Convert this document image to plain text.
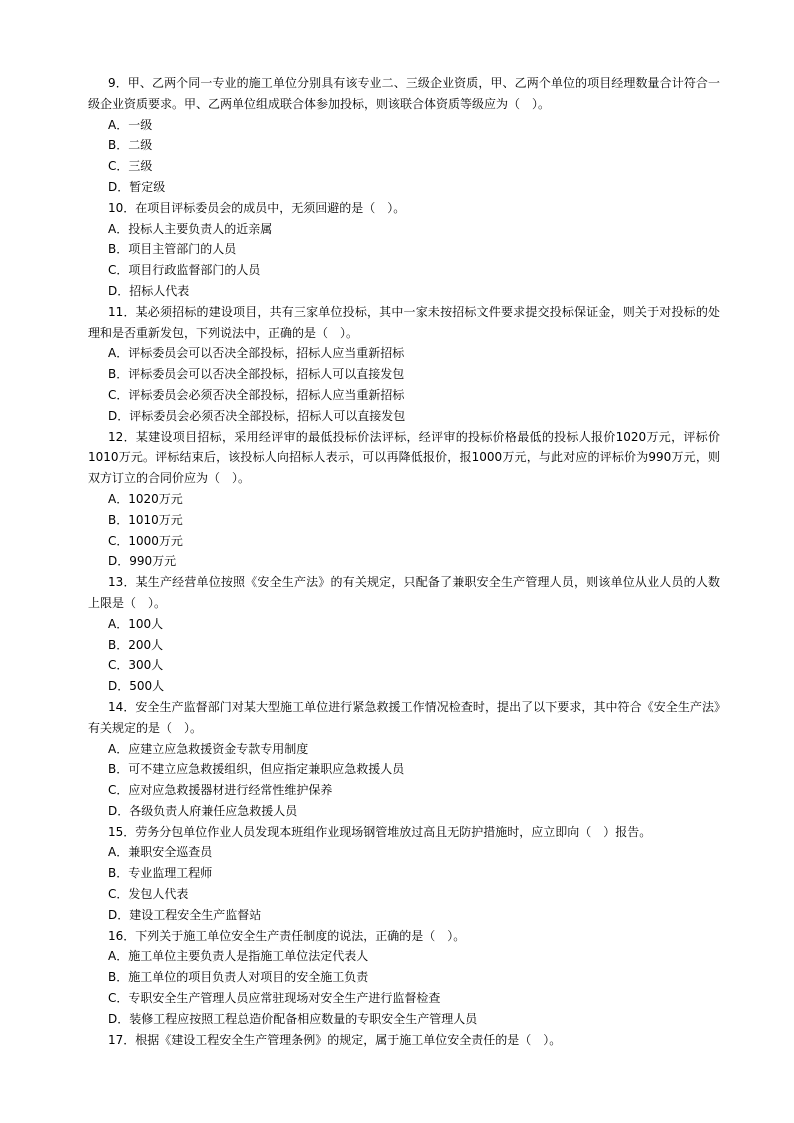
9．甲、乙两个同一专业的施工单位分别具有该专业二、三级企业资质，甲、乙两个单位的项目经理数量合计符合一级企业资质要求。甲、乙两单位组成联合体参加投标，则该联合体资质等级应为（　）。

A．一级

B．二级

C．三级

D．暂定级

10．在项目评标委员会的成员中，无须回避的是（　）。

A．投标人主要负责人的近亲属

B．项目主管部门的人员

C．项目行政监督部门的人员

D．招标人代表

11．某必须招标的建设项目，共有三家单位投标，其中一家未按招标文件要求提交投标保证金，则关于对投标的处理和是否重新发包，下列说法中，正确的是（　）。

A．评标委员会可以否决全部投标，招标人应当重新招标

B．评标委员会可以否决全部投标，招标人可以直接发包

C．评标委员会必须否决全部投标，招标人应当重新招标

D．评标委员会必须否决全部投标，招标人可以直接发包

12．某建设项目招标，采用经评审的最低投标价法评标，经评审的投标价格最低的投标人报价1020万元，评标价1010万元。评标结束后，该投标人向招标人表示，可以再降低报价，报1000万元，与此对应的评标价为990万元，则双方订立的合同价应为（　）。

A．1020万元

B．1010万元

C．1000万元

D．990万元

13．某生产经营单位按照《安全生产法》的有关规定，只配备了兼职安全生产管理人员，则该单位从业人员的人数上限是（　）。

A．100人

B．200人

C．300人

D．500人

14．安全生产监督部门对某大型施工单位进行紧急救援工作情况检查时，提出了以下要求，其中符合《安全生产法》有关规定的是（　）。

A．应建立应急救援资金专款专用制度

B．可不建立应急救援组织，但应指定兼职应急救援人员

C．应对应急救援器材进行经常性维护保养

D．各级负责人府兼任应急救援人员

15．劳务分包单位作业人员发现本班组作业现场钢管堆放过高且无防护措施时，应立即向（　）报告。

A．兼职安全巡查员

B．专业监理工程师

C．发包人代表

D．建设工程安全生产监督站

16．下列关于施工单位安全生产责任制度的说法，正确的是（　）。

A．施工单位主要负责人是指施工单位法定代表人

B．施工单位的项目负责人对项目的安全施工负责

C．专职安全生产管理人员应常驻现场对安全生产进行监督检查

D．装修工程应按照工程总造价配备相应数量的专职安全生产管理人员

17．根据《建设工程安全生产管理条例》的规定，属于施工单位安全责任的是（　）。
